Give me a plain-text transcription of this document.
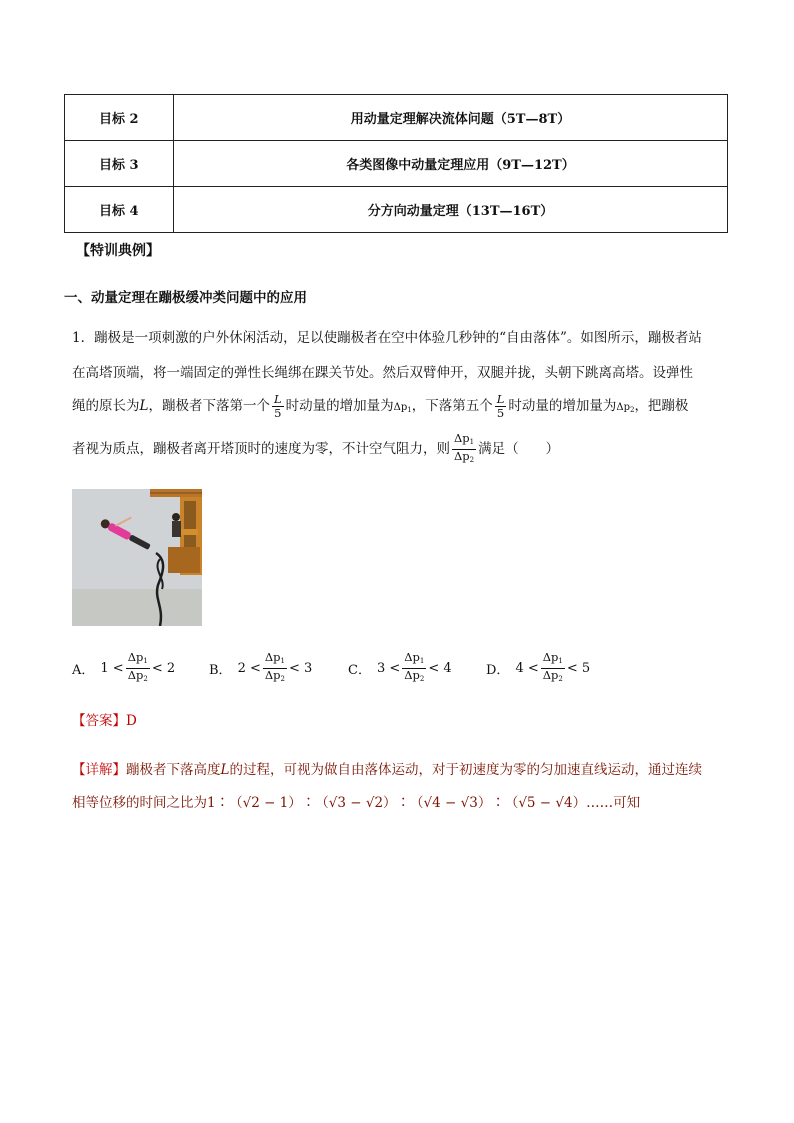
目标 2	用动量定理解决流体问题（5T—8T）
目标 3	各类图像中动量定理应用（9T—12T）
目标 4	分方向动量定理（13T—16T）
【特训典例】
一、动量定理在蹦极缓冲类问题中的应用
1．蹦极是一项刺激的户外休闲活动，足以使蹦极者在空中体验几秒钟的“自由落体”。如图所示，蹦极者站
在高塔顶端，将一端固定的弹性长绳绑在踝关节处。然后双臂伸开，双腿并拢，头朝下跳离高塔。设弹性
绳的原长为L，蹦极者下落第一个 $\frac{L}{5}$ 时动量的增加量为$\Delta p_1$，下落第五个 $\frac{L}{5}$ 时动量的增加量为$\Delta p_2$，把蹦极
者视为质点，蹦极者离开塔顶时的速度为零，不计空气阻力，则 $\frac{\Delta p_1}{\Delta p_2}$ 满足（　　）
A． $1 < \frac{\Delta p_1}{\Delta p_2} < 2$	B． $2 < \frac{\Delta p_1}{\Delta p_2} < 3$	C． $3 < \frac{\Delta p_1}{\Delta p_2} < 4$	D． $4 < \frac{\Delta p_1}{\Delta p_2} < 5$
【答案】D
【详解】蹦极者下落高度L的过程，可视为做自由落体运动，对于初速度为零的匀加速直线运动，通过连续
相等位移的时间之比为1∶（√2 − 1）∶（√3 − √2）∶（√4 − √3）∶（√5 − √4）……可知
